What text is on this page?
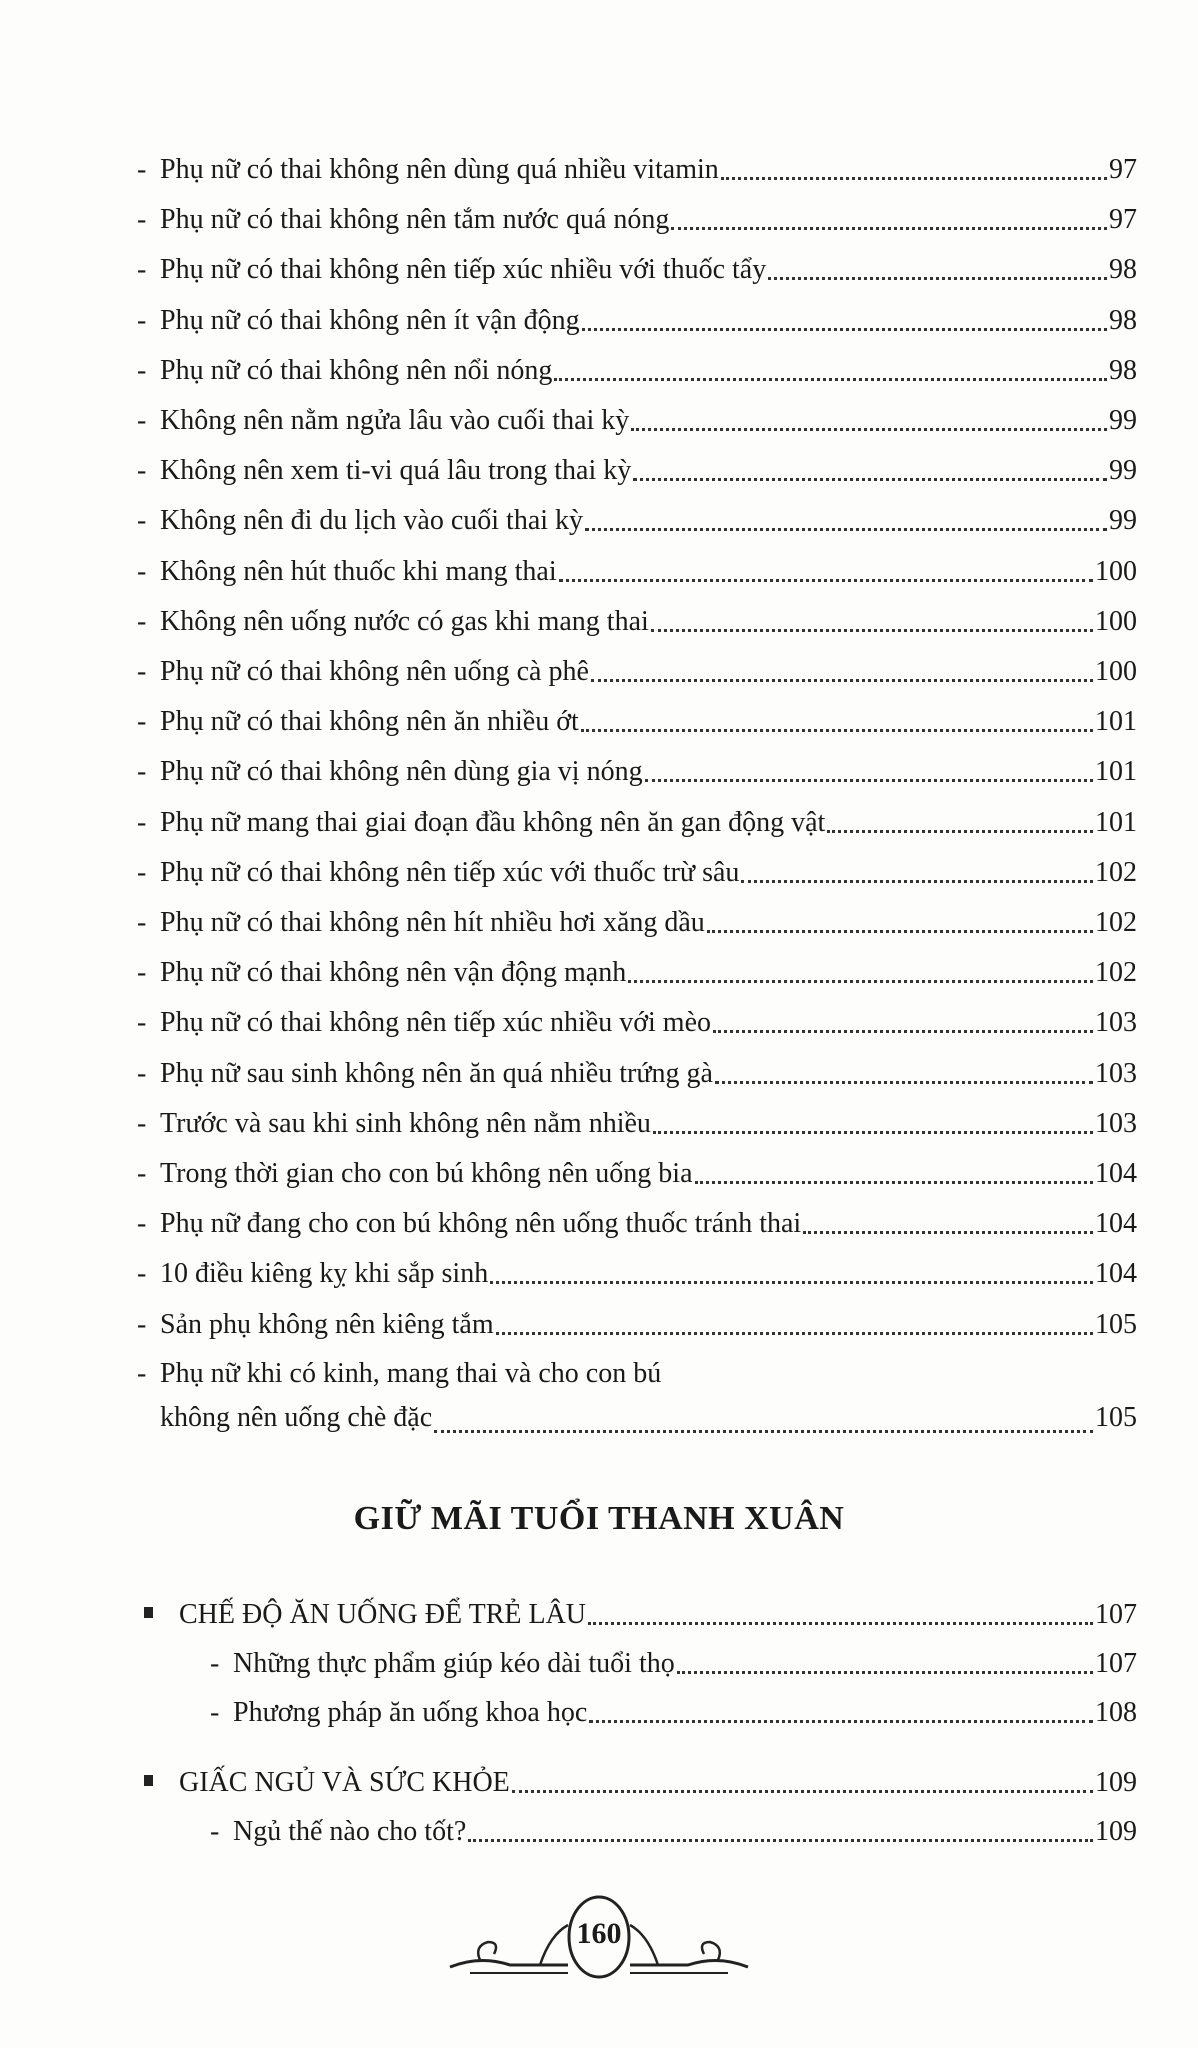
- Phụ nữ có thai không nên dùng quá nhiều vitamin	97
- Phụ nữ có thai không nên tắm nước quá nóng	97
- Phụ nữ có thai không nên tiếp xúc nhiều với thuốc tẩy	98
- Phụ nữ có thai không nên ít vận động	98
- Phụ nữ có thai không nên nổi nóng	98
- Không nên nằm ngửa lâu vào cuối thai kỳ	99
- Không nên xem ti-vi quá lâu trong thai kỳ	99
- Không nên đi du lịch vào cuối thai kỳ	99
- Không nên hút thuốc khi mang thai	100
- Không nên uống nước có gas khi mang thai	100
- Phụ nữ có thai không nên uống cà phê	100
- Phụ nữ có thai không nên ăn nhiều ớt	101
- Phụ nữ có thai không nên dùng gia vị nóng	101
- Phụ nữ mang thai giai đoạn đầu không nên ăn gan động vật	101
- Phụ nữ có thai không nên tiếp xúc với thuốc trừ sâu	102
- Phụ nữ có thai không nên hít nhiều hơi xăng dầu	102
- Phụ nữ có thai không nên vận động mạnh	102
- Phụ nữ có thai không nên tiếp xúc nhiều với mèo	103
- Phụ nữ sau sinh không nên ăn quá nhiều trứng gà	103
- Trước và sau khi sinh không nên nằm nhiều	103
- Trong thời gian cho con bú không nên uống bia	104
- Phụ nữ đang cho con bú không nên uống thuốc tránh thai	104
- 10 điều kiêng kỵ khi sắp sinh	104
- Sản phụ không nên kiêng tắm	105
- Phụ nữ khi có kinh, mang thai và cho con bú
không nên uống chè đặc	105
GIỮ MÃI TUỔI THANH XUÂN
CHẾ ĐỘ ĂN UỐNG ĐỂ TRẺ LÂU	107
- Những thực phẩm giúp kéo dài tuổi thọ	107
- Phương pháp ăn uống khoa học	108
GIẤC NGỦ VÀ SỨC KHỎE	109
- Ngủ thế nào cho tốt?	109
160
